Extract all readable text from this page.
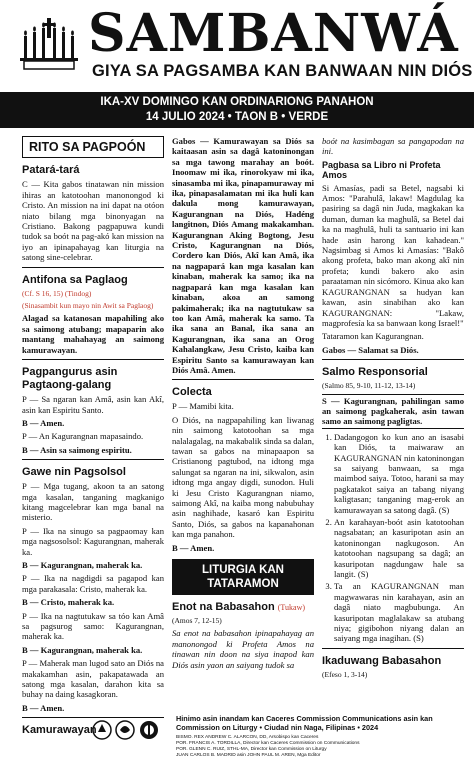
SAMBANWÁ
GIYA SA PAGSAMBA KAN BANWAAN NIN DIÓS
IKA-XV DOMINGO KAN ORDINARIONG PANAHON
14 JULIO 2024 • TAON B • VERDE
RITO SA PAGPOÓN
Patará-tará

C — Kita gabos tinatawan nin mission ihiras an katotoohan manonongod ki Cristo. An mission na ini dapat na otóon niato bilang mga binonyagan na Cristiano. Bakong pagpapuwa kundi tudok sa boót na pag-akó kan mission na iyo an ipinapahayag kan liturgia na satong sine-celebrar.

Antifona sa Paglaog
(Cf. S 16, 15) (Tindog)
(Sinasambit kun mayo nin Awit sa Paglaog)

Alagad sa katanosan mapahiling ako sa saimong atubang; mapaparin ako mantang mahahayag an saimong kamurawayan.

Pagpangurus asin Pagtaong-galang

P — Sa ngaran kan Amâ, asin kan Akî, asin kan Espiritu Santo.

B — Amen.

P — An Kagurangnan mapasaindo.

B — Asin sa saimong espiritu.

Gawe nin Pagsolsol

P — Mga tugang, akoon ta an satong mga kasalan, tanganing magkanigo kitang magcelebrar kan mga banal na misterio.

P — Ika na sinugo sa pagpaomay kan mga nagsosolsol: Kagurangnan, maherak ka.

B — Kagurangnan, maherak ka.

P — Ika na nagdigdi sa pagapod kan mga parakasala: Cristo, maherak ka.

B — Cristo, maherak ka.

P — Ika na nagtutukaw sa tóo kan Amâ sa pagsurog samo: Kagurangnan, maherak ka.

B — Kagurangnan, maherak ka.

P — Maherak man lugod sato an Diós na makakamhan asin, pakapatawada an satong mga kasalan, darahon kita sa buhay na daing kasagkoran.

B — Amen.

Kamurawayan

Gabos — Kamurawayan sa Diós sa kaitaasan asin sa dagâ katoninongan sa mga tawong marahay an boót. Inoomaw mi ika, rinorokyaw mi ika, sinasamba mi ika, pinapamuraway mi ika, pinapasalamatan mi ika huli kan dakula mong kamurawayan, Kagurangnan na Diós, Hadéng langitnon, Diós Amang makakamhan. Kagurangnan Aking Bogtong, Jesu Cristo, Kagurangnan na Diós, Cordero kan Diós, Akî kan Amâ, ika na nagpapará kan mga kasalan kan kinaban, maherak ka samo; ika na nagpapará kan mga kasalan kan kinaban, akoa an samong pakimaherak; ika na nagtutukaw sa too kan Amâ, maherak ka samo. Ta ika sana an Banal, ika sana an Kagurangnan, ika sana an Orog Kahalangkaw, Jesu Cristo, kaiba kan Espiritu Santo sa kamurawayan kan Diós Amâ. Amen.

Colecta

P — Mamibi kita.

O Diós, na nagpapahiling kan liwanag nin saimong katotoohan sa mga nalalagalag, na makabalik sinda sa dalan, tawan sa gabos na minapaapon sa Cristianong pagtubod, na idtong mga salungat sa ngaran na ini, sikwalon, asin idtong mga angay digdi, sunodon. Huli ki Jesu Cristo Kagurangnan niamo, saimong Akî, na kaiba mong nabubuhay asin naghihade, kasaró kan Espiritu Santo, Diós, sa gabos na kapanahonan kan mga panahon.

B — Amen.

LITURGIA KAN TATARAMON
Enot na Babasahon (Tukaw)
(Amos 7, 12-15)

Sa enot na babasahon ipinapahayag an manonongod ki Profeta Amos na tinawan nin doon na siya inapod kan Diós asin yaon an saiyang tudok sa

boót na kasimbagan sa pangapodan na ini.

Pagbasa sa Libro ni Profeta Amos

Si Amasías, padi sa Betel, nagsabi ki Amos: "Parahulâ, lakaw! Magdulag ka pasiring sa dagâ nin Juda, magkakan ka duman, duman ka maghulâ, sa Betel dai ka na maghulâ, huli ta santuario ini kan hade asin harong kan kahadean." Nagsimbag si Amos ki Amasías: "Bakô akong profeta, bako man akong akî nin profeta; kundi bakero ako asin paraataman nin sicómoro. Kinua ako kan KAGURANGNAN sa hudyan kan kawan, asin sinabihan ako kan KAGURANGNAN: "Lakaw, magprofesía ka sa banwaan kong Israel!"

Tataramon kan Kagurangnan.

Gabos — Salamat sa Diós.

Salmo Responsorial
(Salmo 85, 9-10, 11-12, 13-14)

S — Kagurangnan, pahilingan samo an saimong pagkaherak, asin tawan samo an saimong pagligtas.

1. Dadangogon ko kun ano an isasabi kan Diós, ta maiwaraw an KAGURANGNAN nin katoninongan sa saiyang banwaan, sa mga maimbod saiya. Totoo, harani sa may pagkatakot saiya an tabang niyang kaligtasan; tanganing mag-erok an kamurawayan sa satong dagâ. (S)
2. An karahayan-boót asin katotoohan nagsabatan; an kasuripotan asin an katoninongan nagkugoson. An katotoohan nagsupang sa dagâ; an kasuripotan nagdungaw hale sa langit. (S)
3. Ta an KAGURANGNAN man magwawaras nin karahayan, asin an dagâ niato magbubunga. An kasuripotan maglalakaw sa atubang niya; gigibohon niyang dalan an saiyang mga inagihan. (S)
Ikaduwang Babasahon
(Efeso 1, 3-14)
Hinimo asin inandam kan Caceres Commission Communications asin kan Commission on Liturgy • Ciudad nin Naga, Filipinas • 2024
BISMO. REX ANDREW C. ALARCON, DD, Arsobispo kan Caceres
POR. FRANCIS A. TORDILLA, Director kan Caceres Commission on Communications
POR. GLENN C. RUIZ, STHL-MA, Director kan Commission on Liturgy
JUAN CARLOS B. MADRID asin JOHN PAUL M. AREN, Mga Editor
